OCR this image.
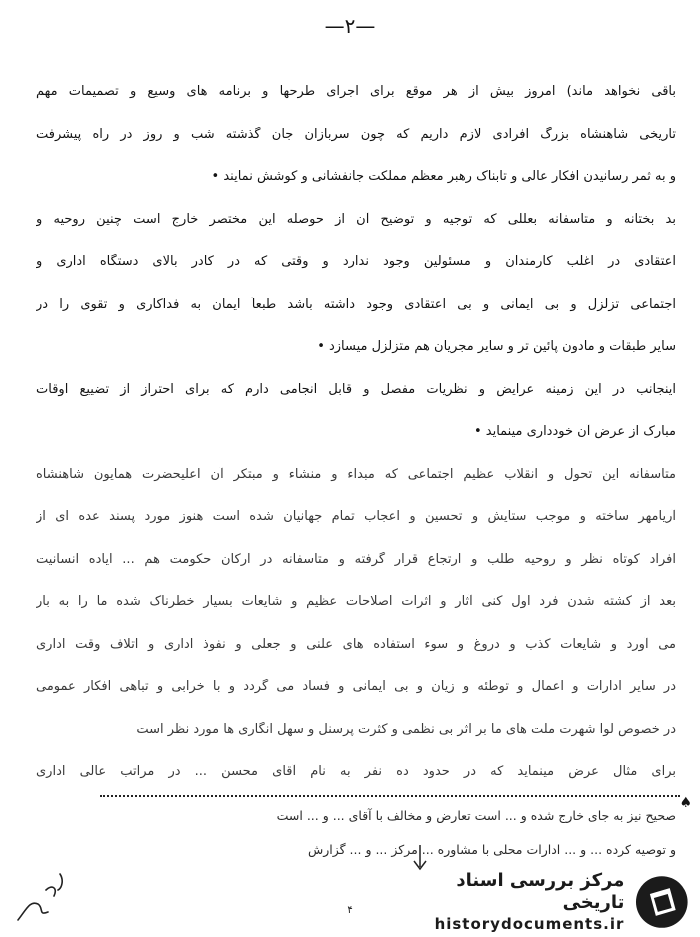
—۲—
باقی نخواهد ماند) امروز بیش از هر موقع برای اجرای طرحها و برنامه های وسیع و تصمیمات مهم
تاریخی شاهنشاه بزرگ افرادی لازم داریم که چون سربازان جان گذشته شب و روز در راه پیشرفت
و به ثمر رسانیدن افکار عالی و تابناک رهبر معظم مملکت جانفشانی و کوشش نمایند •
بد بختانه و متاسفانه بعللی که توجیه و توضیح آن از حوصله این مختصر خارج است چنین روحیه و
اعتقادی در اغلب کارمندان و مسئولین وجود ندارد و وقتی که در کادر بالای دستگاه اداری و
اجتماعی تزلزل و بی ایمانی و بی اعتقادی وجود داشته باشد طبعاً ایمان به فداکاری و تقوی را در
سایر طبقات و مادون پائین تر و سایر مجریان هم متزلزل میسازد •
اینجانب در این زمینه عرایض و نظریات مفصل و قابل انجامی دارم که برای احتراز از تضییع اوقات
مبارک از عرض آن خودداری مینماید •
متاسفانه این تحول و انقلاب عظیم اجتماعی که مبداء و منشاء و مبتکر آن اعلیحضرت همایون شاهنشاه
آریامهر ساخته و موجب ستایش و تحسین و اعجاب تمام جهانیان شده است هنوز مورد پسند عده ای از
افراد کوتاه نظر و روحیه طلب و ارتجاع قرار گرفته و متاسفانه در ارکان حکومت هم ... ایاده انسانیت
بعد از کشته شدن فرد اول کنی آثار و اثرات اصلاحات عظیم و شایعات بسیار خطرناک شده ما را به بار
می آورد و شایعات کذب و دروغ و سوء استفاده های علنی و جعلی و نفوذ اداری و اتلاف وقت اداری
در سایر ادارات و اعمال و توطئه و زیان و بی ایمانی و فساد می گردد و با خرابی و تباهی افکار عمومی
در خصوص لوا شهرت ملت های ما بر اثر بی نظمی و کثرت پرسنل و سهل انگاری ها مورد نظر است
برای مثال عرض مینماید که در حدود ده نفر به نام آقای محسن ... در مراتب عالی اداری
♠
صحیح نیز به جای خارج شده و ... است تعارض و مخالف با آقای ... و ... است
و توصیه کرده ... و ... ادارات محلی با مشاوره ... مرکز ... و ... گزارش
۴
مرکز بررسی اسناد تاریخی
historydocuments.ir
